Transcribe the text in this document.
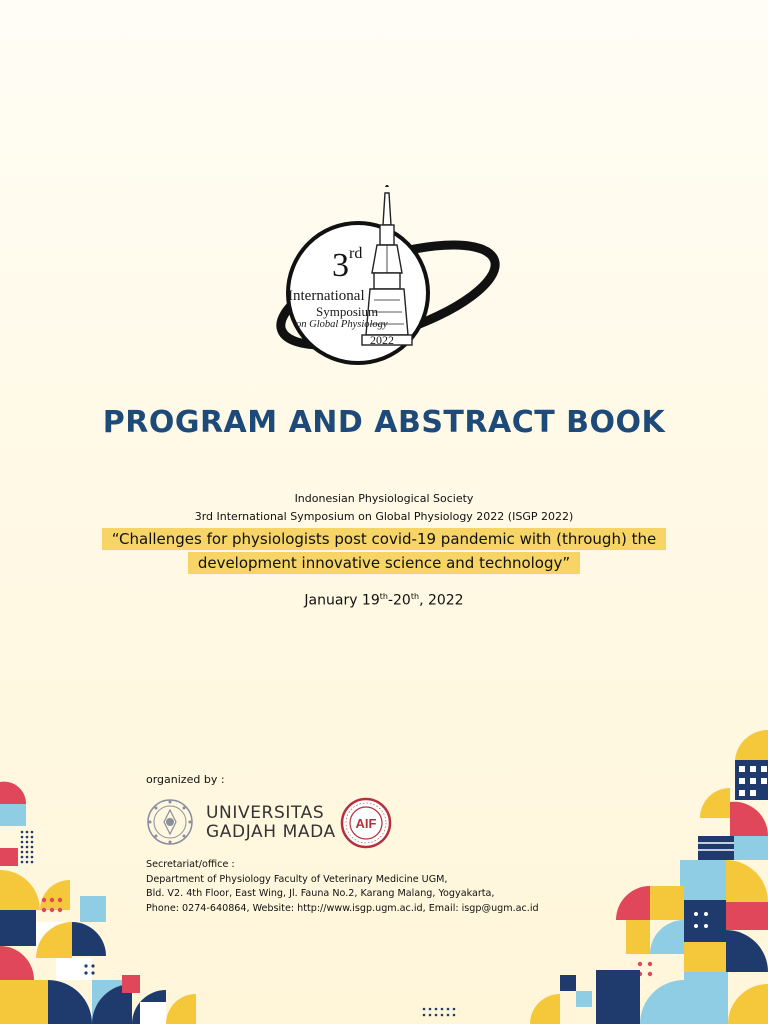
3rd
International
Symposium
on Global Physiology
2022
PROGRAM AND ABSTRACT BOOK
Indonesian Physiological Society
3rd International Symposium on Global Physiology 2022 (ISGP 2022)
“Challenges for physiologists post covid-19 pandemic with (through) the
development innovative science and technology”
January 19th-20th, 2022
organized by :
UNIVERSITAS
GADJAH MADA AIF
Secretariat/office :
Department of Physiology Faculty of Veterinary Medicine UGM,
Bld. V2. 4th Floor, East Wing, Jl. Fauna No.2, Karang Malang, Yogyakarta,
Phone: 0274-640864, Website: http://www.isgp.ugm.ac.id, Email: isgp@ugm.ac.id
